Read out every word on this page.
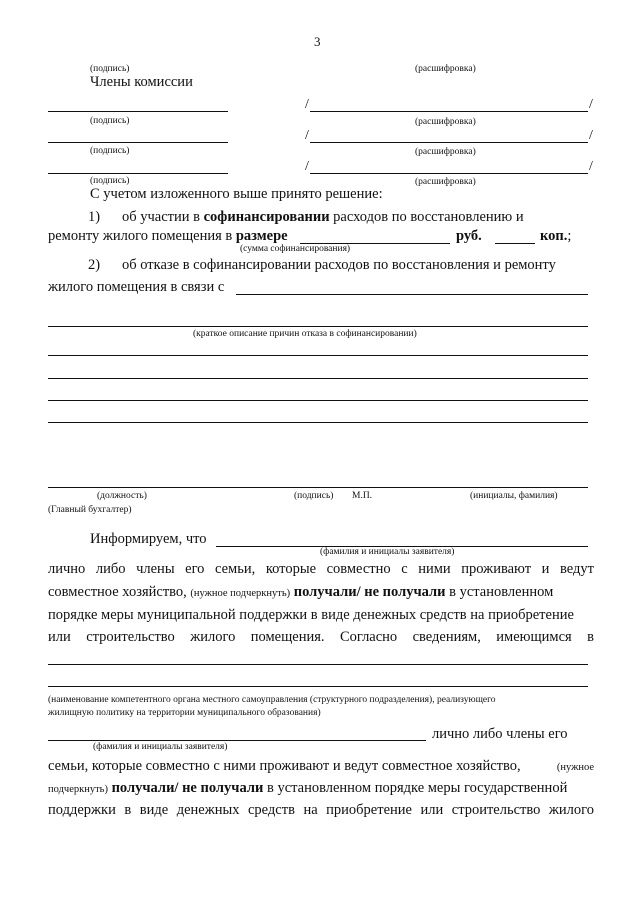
3
(подпись)	(расшифровка)
Члены комиссии
/	/
(подпись)	(расшифровка)
/	/
(подпись)	(расшифровка)
/	/
(подпись)	(расшифровка)
С учетом изложенного выше принято решение:
1) об участии в софинансировании расходов по восстановлению и
ремонту жилого помещения в размере	руб.	коп.;
(сумма софинансирования)
2) об отказе в софинансировании расходов по восстановления и ремонту
жилого помещения в связи с
(краткое описание причин отказа в софинансировании)
(должность)	(подпись) М.П.	(инициалы, фамилия)
(Главный бухгалтер)
Информируем, что
(фамилия и инициалы заявителя)
лично либо члены его семьи, которые совместно с ними проживают и ведут
совместное хозяйство, (нужное подчеркнуть) получали/ не получали в установленном
порядке меры муниципальной поддержки в виде денежных средств на приобретение
или строительство жилого помещения. Согласно сведениям, имеющимся в
(наименование компетентного органа местного самоуправления (структурного подразделения), реализующего
жилищную политику на территории муниципального образования)
лично либо члены его
(фамилия и инициалы заявителя)
семьи, которые совместно с ними проживают и ведут совместное хозяйство,	(нужное
подчеркнуть) получали/ не получали в установленном порядке меры государственной
поддержки в виде денежных средств на приобретение или строительство жилого
